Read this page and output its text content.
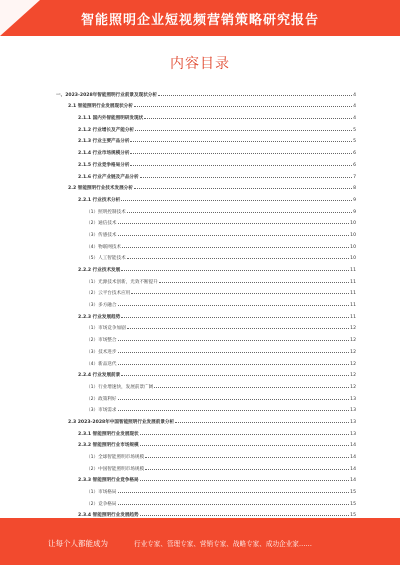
智能照明企业短视频营销策略研究报告
内容目录
一、2023-2028年智能照明行业前景及现状分析	4
2.1 智能照明行业发展现状分析	4
2.1.1 国内外智能照明研发现状	4
2.1.2 行业增长及产能分析	5
2.1.3 行业主要产品分析	5
2.1.4 行业市场规模分析	6
2.1.5 行业竞争格局分析	6
2.1.6 行业产业链及产品分析	7
2.2 智能照明行业技术发展分析	8
2.2.1 行业技术分析	9
（1）照明控制技术	9
（2）通信技术	10
（3）传感技术	10
（4）物联网技术	10
（5）人工智能技术	10
2.2.2 行业技术发展	11
（1）光源技术创新，光效不断提升	11
（2）云平台技术应用	11
（3）多方融合	11
2.2.3 行业发展趋势	11
（1）市场竞争加剧	12
（2）市场整合	12
（3）技术进步	12
（4）新品迭代	12
2.2.4 行业发展前景	12
（1）行业增速快，发展前景广阔	12
（2）政策利好	13
（3）市场需求	13
2.3 2023-2028年中国智能照明行业发展前景分析	13
2.3.1 智能照明行业发展现状	13
2.3.2 智能照明行业市场规模	14
（1）全球智能照明市场规模	14
（2）中国智能照明市场规模	14
2.3.3 智能照明行业竞争格局	14
（1）市场格局	15
（2）竞争格局	15
2.3.4 智能照明行业发展趋势	15
让每个人都能成为	行业专家、管理专家、营销专家、战略专家、成功企业家……
